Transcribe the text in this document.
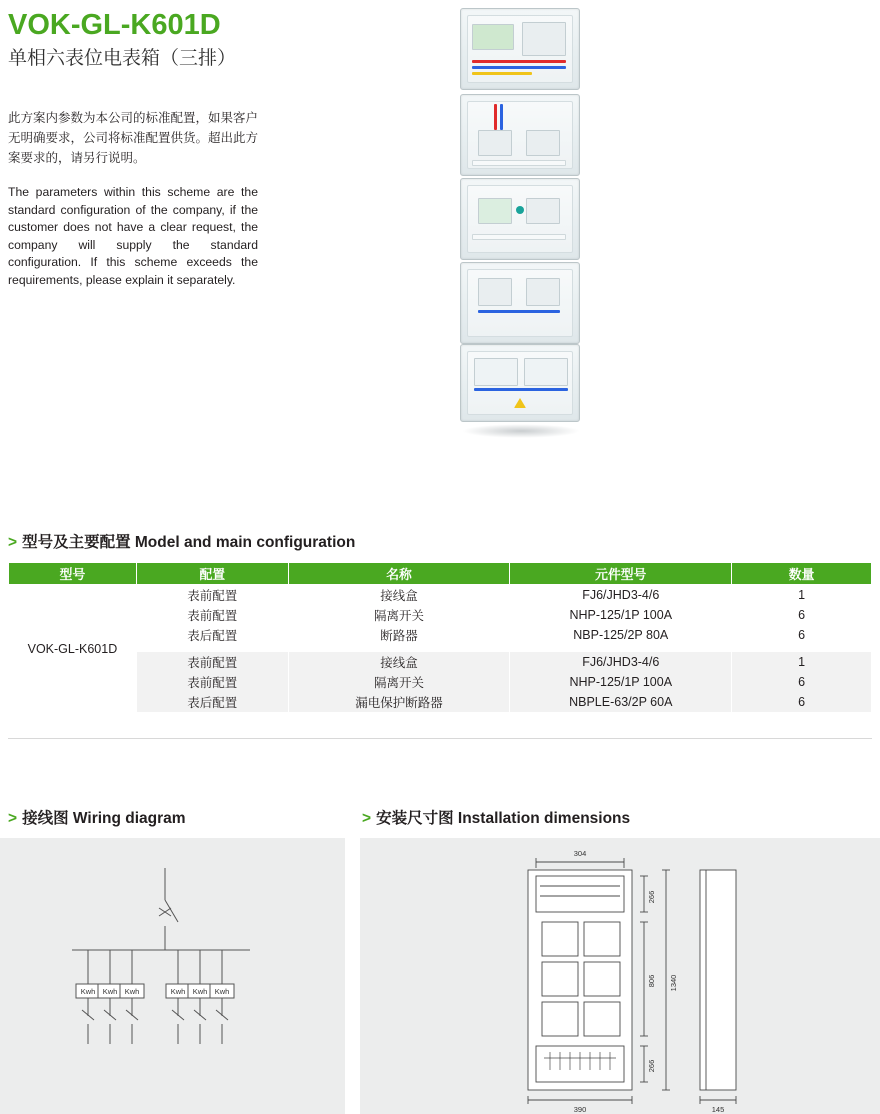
VOK-GL-K601D
单相六表位电表箱（三排）
此方案内参数为本公司的标准配置，如果客户无明确要求，公司将标准配置供货。超出此方案要求的，请另行说明。
The parameters within this scheme are the standard configuration of the company, if the customer does not have a clear request, the company will supply the standard configuration. If this scheme exceeds the requirements, please explain it separately.
> 型号及主要配置 Model and main configuration
型号	配置	名称	元件型号	数量
VOK-GL-K601D	表前配置	接线盒	FJ6/JHD3-4/6	1
	表前配置	隔离开关	NHP-125/1P 100A	6
	表后配置	断路器	NBP-125/2P 80A	6

	表前配置	接线盒	FJ6/JHD3-4/6	1
	表前配置	隔离开关	NHP-125/1P 100A	6
	表后配置	漏电保护断路器	NBPLE-63/2P 60A	6
> 接线图 Wiring diagram	> 安装尺寸图 Installation dimensions
Kwh Kwh Kwh	Kwh Kwh Kwh
304
390	145
266
806
266
1340
